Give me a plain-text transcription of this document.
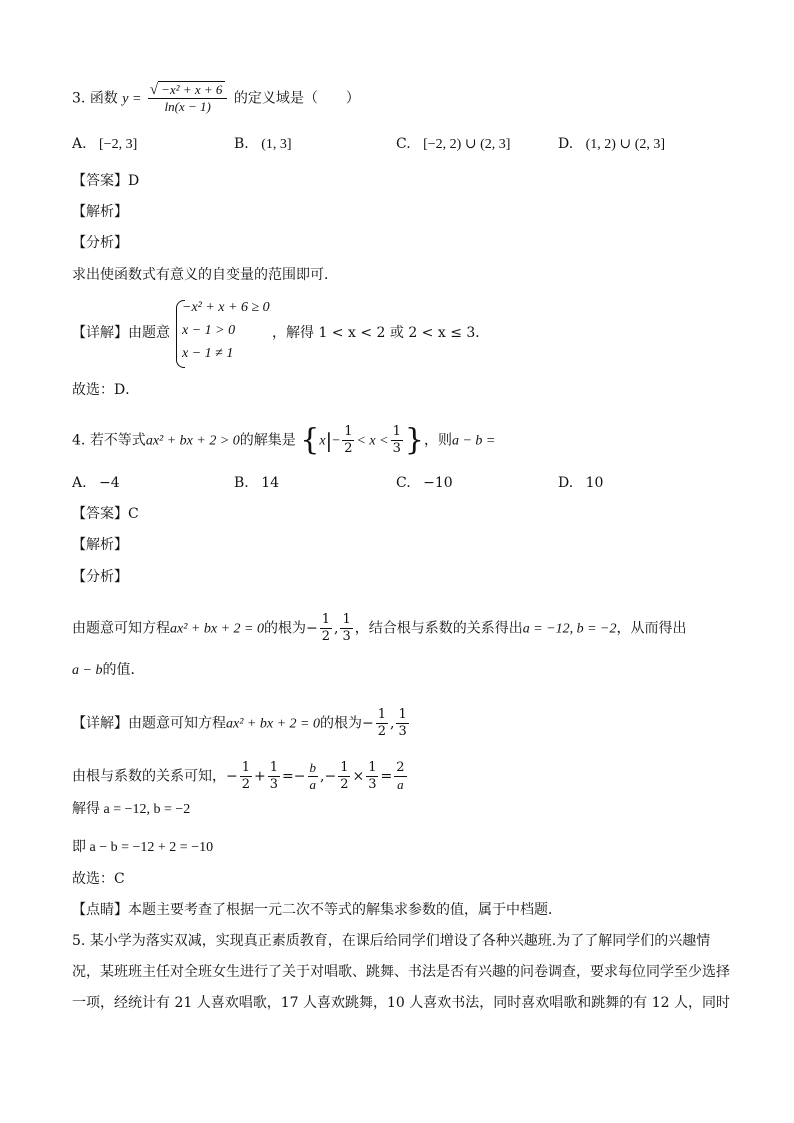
3. 函数 $y = \frac{\text{√ −x² + x + 6}}{\ln(x - 1)}$ 的定义域是（　　）
A. [−2, 3]	B. (1, 3]	C. [−2, 2) ∪ (2, 3]	D. (1, 2) ∪ (2, 3]
【答案】D
【解析】
【分析】
求出使函数式有意义的自变量的范围即可．
【详解】由题意
−x² + x + 6 ≥ 0
x − 1 > 0
x − 1 ≠ 1
，解得 1 < x < 2 或 2 < x ≤ 3．
故选：D．
4. 若不等式ax² + bx + 2 > 0的解集是 {$x|- \frac{1}{2} < x < \frac{1}{3}$ }，则a − b =
A. −4	B. 14	C. −10	D. 10
【答案】C
【解析】
【分析】
由题意可知方程ax² + bx + 2 = 0的根为− $\frac{1}{2}$ , $\frac{1}{3}$ ，结合根与系数的关系得出a = −12, b = −2，从而得出
a − b的值．
【详解】由题意可知方程ax² + bx + 2 = 0的根为− $\frac{1}{2}$ , $\frac{1}{3}$
由根与系数的关系可知，− $\frac{1}{2} + \frac{1}{3} =- \frac{b}{a}$ ,− $\frac{1}{2} \times \frac{1}{3} = \frac{2}{a}$
解得 a = −12, b = −2
即 a − b = −12 + 2 = −10
故选：C
【点睛】本题主要考查了根据一元二次不等式的解集求参数的值，属于中档题．
5. 某小学为落实双减，实现真正素质教育，在课后给同学们增设了各种兴趣班.为了了解同学们的兴趣情
况，某班班主任对全班女生进行了关于对唱歌、跳舞、书法是否有兴趣的问卷调查，要求每位同学至少选择
一项，经统计有 21 人喜欢唱歌，17 人喜欢跳舞，10 人喜欢书法，同时喜欢唱歌和跳舞的有 12 人，同时
